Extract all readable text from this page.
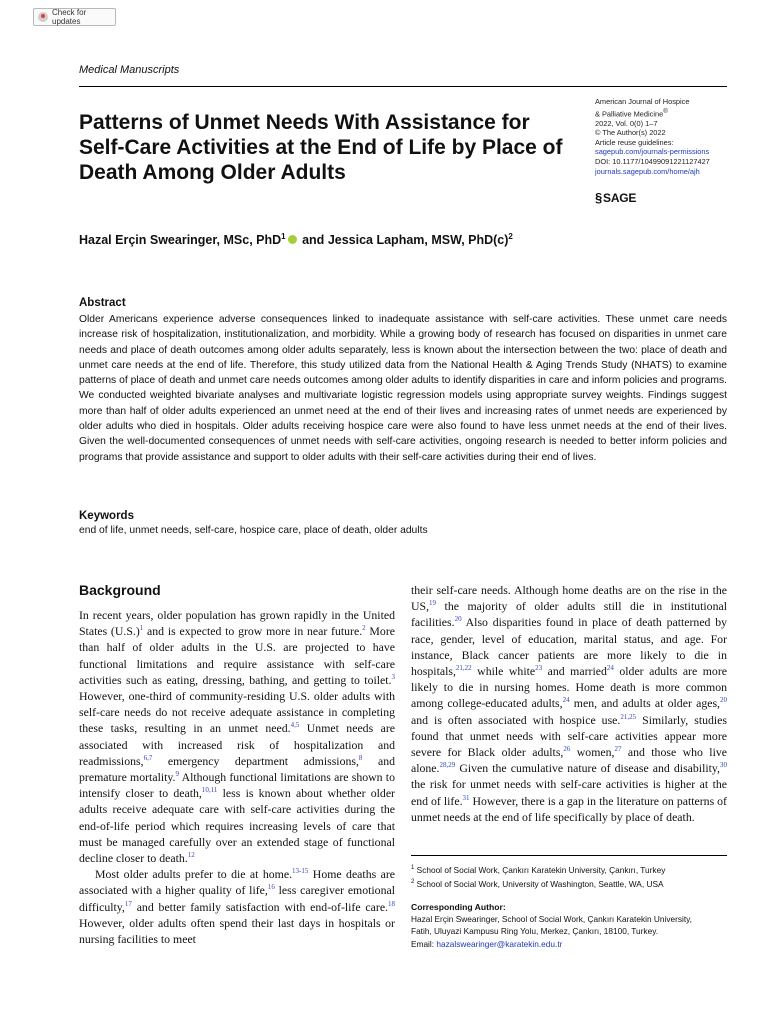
Check for updates
Medical Manuscripts
Patterns of Unmet Needs With Assistance for Self-Care Activities at the End of Life by Place of Death Among Older Adults
American Journal of Hospice
& Palliative Medicine®
2022, Vol. 0(0) 1–7
© The Author(s) 2022
Article reuse guidelines:
sagepub.com/journals-permissions
DOI: 10.1177/10499091221127427
journals.sagepub.com/home/ajh
§ SAGE
Hazal Erçin Swearinger, MSc, PhD$^1$ and Jessica Lapham, MSW, $PhD(c)^2$
Abstract
Older Americans experience adverse consequences linked to inadequate assistance with self-care activities. These unmet care needs increase risk of hospitalization, institutionalization, and morbidity. While a growing body of research has focused on disparities in unmet care needs and place of death outcomes among older adults separately, less is known about the intersection between the two: place of death and unmet care needs at the end of life. Therefore, this study utilized data from the National Health & Aging Trends Study (NHATS) to examine patterns of place of death and unmet care needs outcomes among older adults to identify disparities in care and inform policies and programs. We conducted weighted bivariate analyses and multivariate logistic regression models using appropriate survey weights. Findings suggest more than half of older adults experienced an unmet need at the end of their lives and increasing rates of unmet needs are experienced by older adults who died in hospitals. Older adults receiving hospice care were also found to have less unmet needs at the end of their lives. Given the well-documented consequences of unmet needs with self-care activities, ongoing research is needed to better inform policies and programs that provide assistance and support to older adults with their self-care activities during their end of lives.
Keywords
end of life, unmet needs, self-care, hospice care, place of death, older adults
Background

In recent years, older population has grown rapidly in the United States $(U.S.)^1$ and is expected to grow more in near future.$^2$ More than half of older adults in the U.S. are projected to have functional limitations and require assistance with self-care activities such as eating, dressing, bathing, and getting to toilet.$^3$ However, one-third of community-residing U.S. older adults with self-care needs do not receive adequate assistance in completing these tasks, resulting in an unmet need.$^{4,5}$ Unmet needs are associated with increased risk of hospitalization and readmissions,$^{6,7}$ emergency department admissions,$^8$ and premature mortality.$^9$ Although functional limitations are shown to intensify closer to death,$^{10,11}$ less is known about whether older adults receive adequate care with self-care activities during the end-of-life period which requires increasing levels of care that must be managed carefully over an extended stage of functional decline closer to death.$^{12}$

Most older adults prefer to die at home.$^{13-15}$ Home deaths are associated with a higher quality of life,$^{16}$ less caregiver emotional difficulty,$^{17}$ and better family satisfaction with end-of-life care.$^{18}$ However, older adults often spend their last days in hospitals or nursing facilities to meet

their self-care needs. Although home deaths are on the rise in the US,$^{19}$ the majority of older adults still die in institutional facilities.$^{20}$ Also disparities found in place of death patterned by race, gender, level of education, marital status, and age. For instance, Black cancer patients are more likely to die in hospitals,$^{21,22}$ while white$^{23}$ and married$^{24}$ older adults are more likely to die in nursing homes. Home death is more common among college-educated adults,$^{24}$ men, and adults at older ages,$^{20}$ and is often associated with hospice use.$^{21,25}$ Similarly, studies found that unmet needs with self-care activities appear more severe for Black older adults,$^{26}$ women,$^{27}$ and those who live alone.$^{28,29}$ Given the cumulative nature of disease and disability,$^{30}$ the risk for unmet needs with self-care activities is higher at the end of life.$^{31}$ However, there is a gap in the literature on patterns of unmet needs at the end of life specifically by place of death.

$^1$ School of Social Work, Çankırı Karatekin University, Çankırı, Turkey
$^2$ School of Social Work, University of Washington, Seattle, WA, USA
Corresponding Author:
Hazal Erçin Swearinger, School of Social Work, Çankırı Karatekin University,
Fatih, Uluyazi Kampusu Ring Yolu, Merkez, Çankırı, 18100, Turkey.
Email: hazalswearinger@karatekin.edu.tr
